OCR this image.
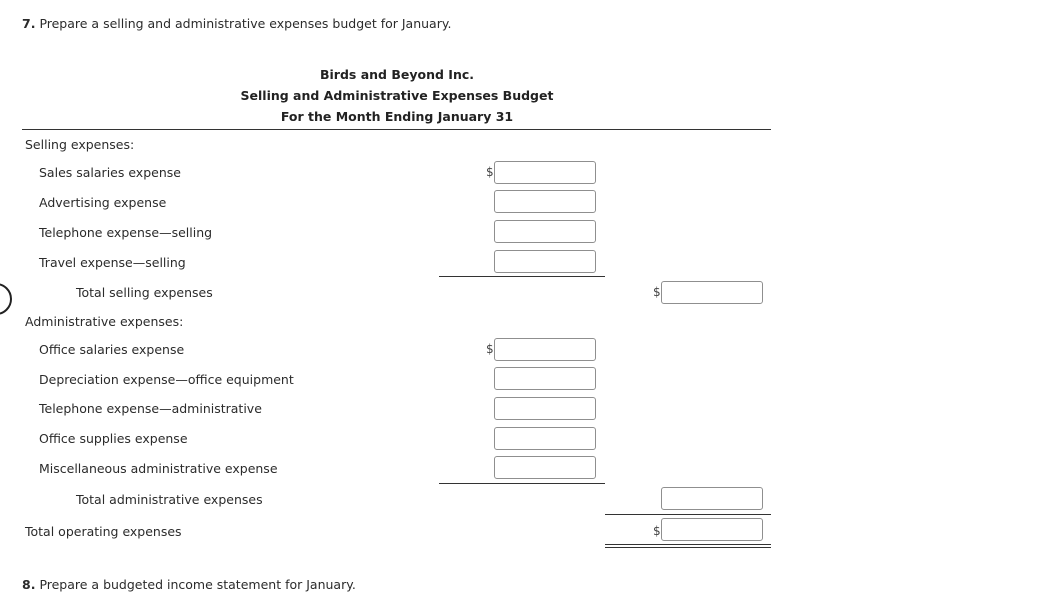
7. Prepare a selling and administrative expenses budget for January.
Birds and Beyond Inc.
Selling and Administrative Expenses Budget
For the Month Ending January 31
Selling expenses:
Sales salaries expense	$
Advertising expense
Telephone expense—selling
Travel expense—selling
Total selling expenses	$
Administrative expenses:
Office salaries expense	$
Depreciation expense—office equipment
Telephone expense—administrative
Office supplies expense
Miscellaneous administrative expense
Total administrative expenses
Total operating expenses	$
8. Prepare a budgeted income statement for January.
